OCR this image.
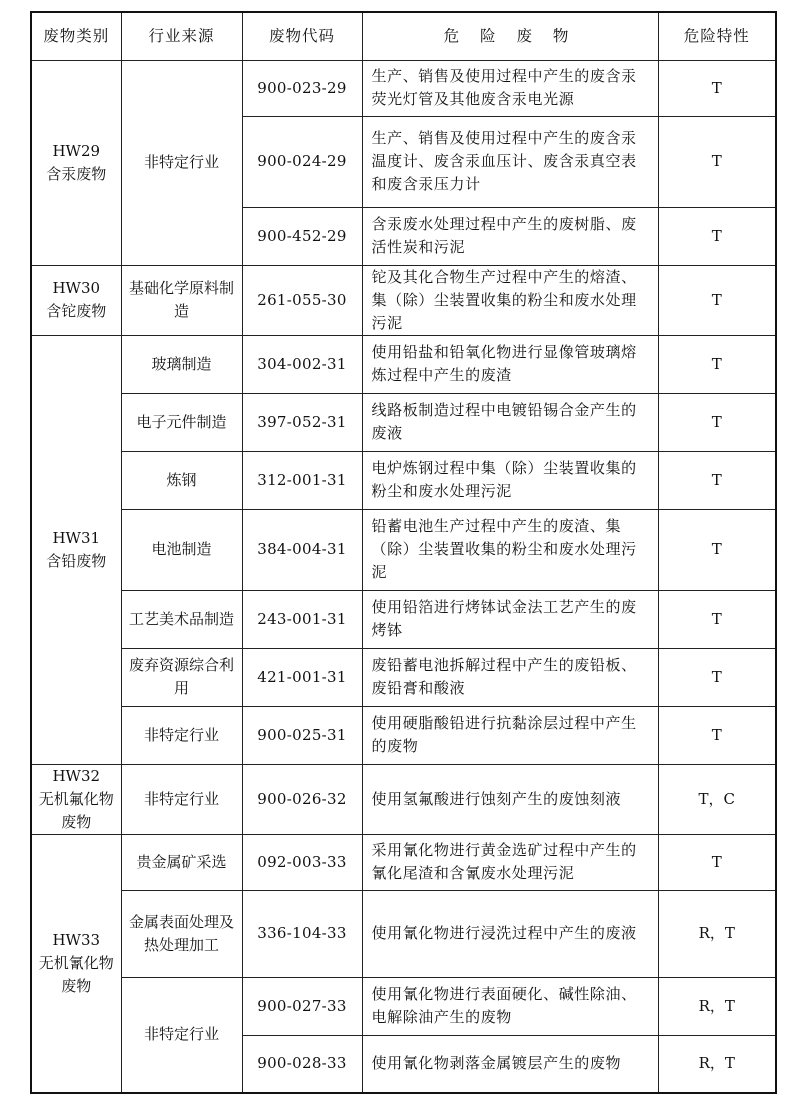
废物类别	行业来源	废物代码	危 险 废 物	危险特性

HW29
含汞废物	非特定行业	900-023-29	生产、销售及使用过程中产生的废含汞荧光灯管及其他废含汞电光源	T
		900-024-29	生产、销售及使用过程中产生的废含汞温度计、废含汞血压计、废含汞真空表和废含汞压力计	T
		900-452-29	含汞废水处理过程中产生的废树脂、废活性炭和污泥	T

HW30
含铊废物	基础化学原料制造	261-055-30	铊及其化合物生产过程中产生的熔渣、集（除）尘装置收集的粉尘和废水处理污泥	T

HW31
含铅废物	玻璃制造	304-002-31	使用铅盐和铅氧化物进行显像管玻璃熔炼过程中产生的废渣	T
	电子元件制造	397-052-31	线路板制造过程中电镀铅锡合金产生的废液	T
	炼钢	312-001-31	电炉炼钢过程中集（除）尘装置收集的粉尘和废水处理污泥	T
	电池制造	384-004-31	铅蓄电池生产过程中产生的废渣、集（除）尘装置收集的粉尘和废水处理污泥	T
	工艺美术品制造	243-001-31	使用铅箔进行烤钵试金法工艺产生的废烤钵	T
	废弃资源综合利用	421-001-31	废铅蓄电池拆解过程中产生的废铅板、废铅膏和酸液	T
	非特定行业	900-025-31	使用硬脂酸铅进行抗黏涂层过程中产生的废物	T

HW32
无机氟化物废物	非特定行业	900-026-32	使用氢氟酸进行蚀刻产生的废蚀刻液	T，C

HW33
无机氰化物废物	贵金属矿采选	092-003-33	采用氰化物进行黄金选矿过程中产生的氰化尾渣和含氰废水处理污泥	T
	金属表面处理及热处理加工	336-104-33	使用氰化物进行浸洗过程中产生的废液	R，T
	非特定行业	900-027-33	使用氰化物进行表面硬化、碱性除油、电解除油产生的废物	R，T
		900-028-33	使用氰化物剥落金属镀层产生的废物	R，T
